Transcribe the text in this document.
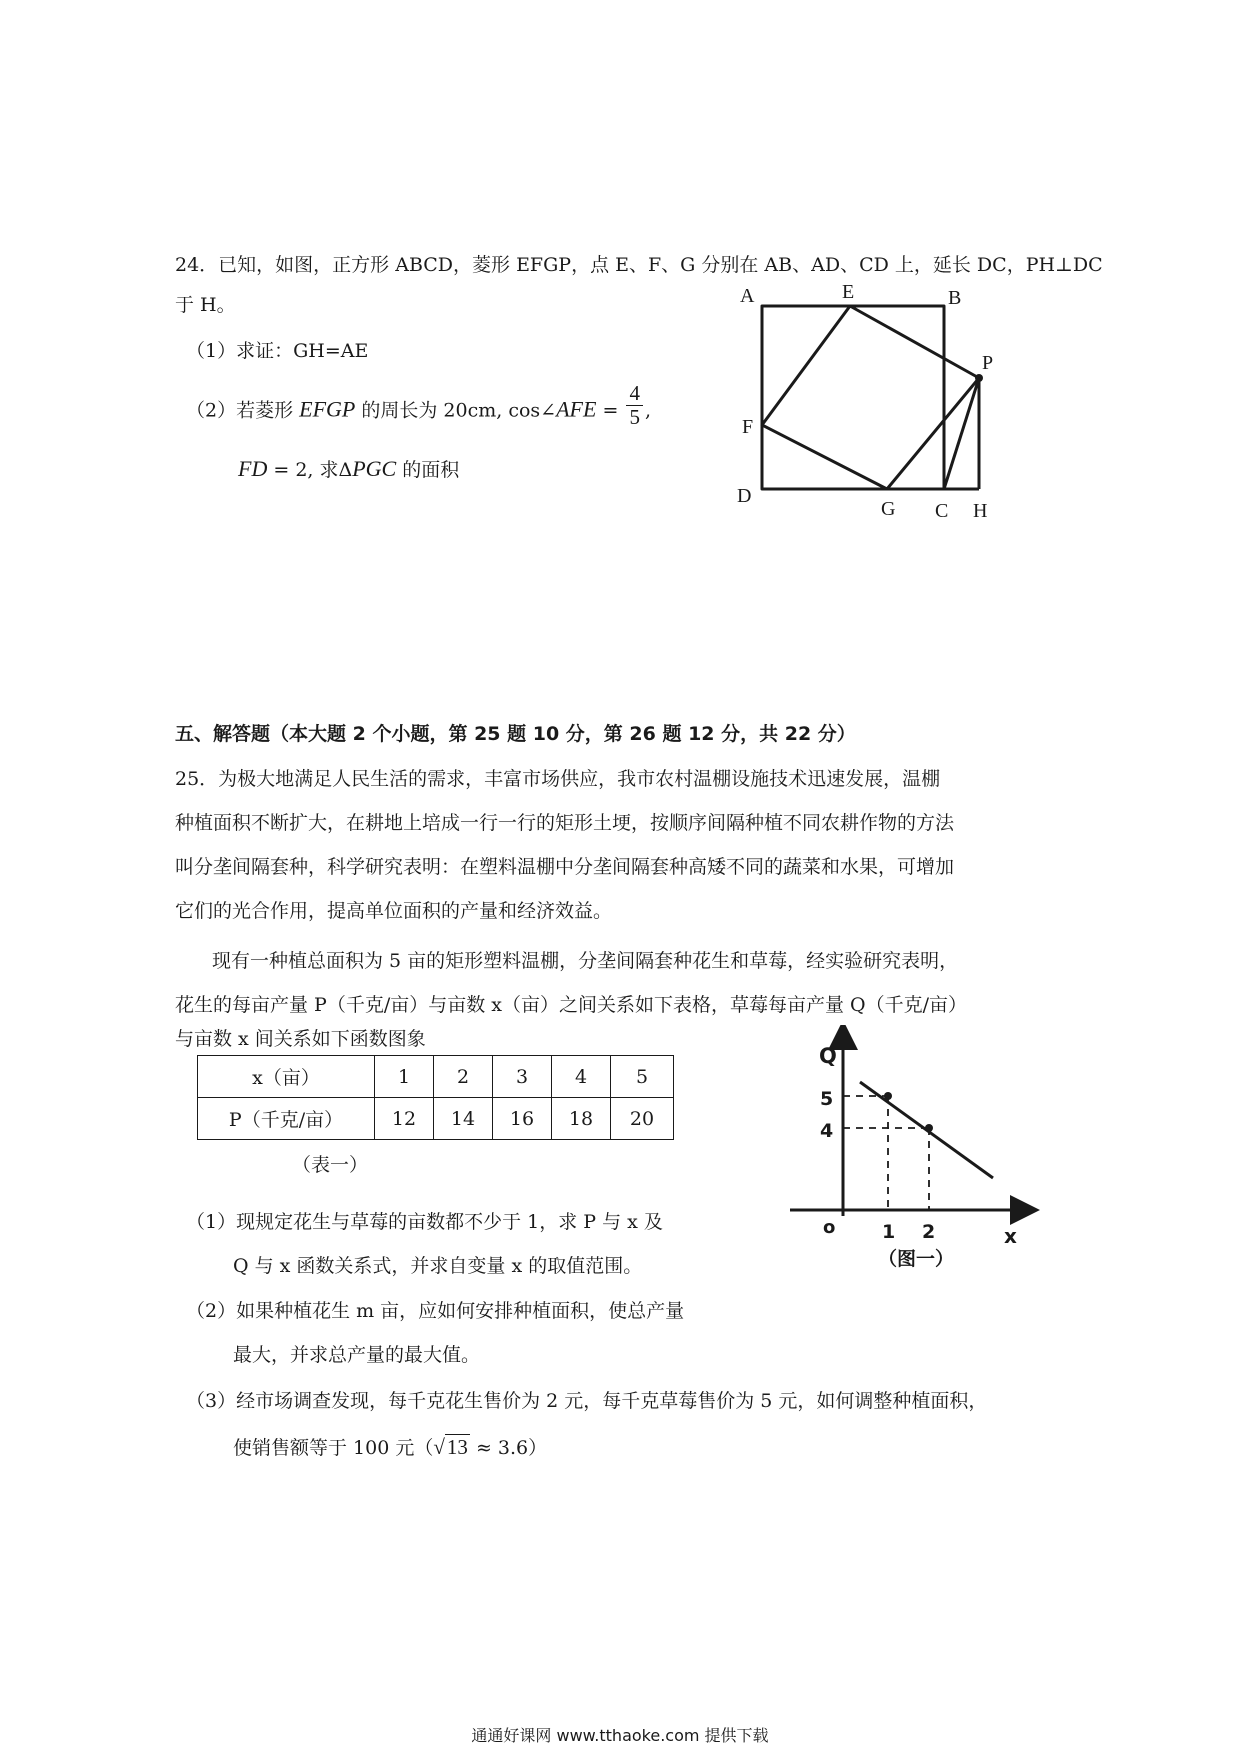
24．已知，如图，正方形 ABCD，菱形 EFGP，点 E、F、G 分别在 AB、AD、CD 上，延长 DC，PH⊥DC
于 H。
（1）求证：GH=AE
（2）若菱形 EFGP 的周长为 20cm, cos∠AFE = $\frac{4}{5}$ ,
FD = 2, 求ΔPGC 的面积
A	E	B
P
F
D
G C H
五、解答题（本大题 2 个小题，第 25 题 10 分，第 26 题 12 分，共 22 分）
25．为极大地满足人民生活的需求，丰富市场供应，我市农村温棚设施技术迅速发展，温棚
种植面积不断扩大，在耕地上培成一行一行的矩形土埂，按顺序间隔种植不同农耕作物的方法
叫分垄间隔套种，科学研究表明：在塑料温棚中分垄间隔套种高矮不同的蔬菜和水果，可增加
它们的光合作用，提高单位面积的产量和经济效益。
现有一种植总面积为 5 亩的矩形塑料温棚，分垄间隔套种花生和草莓，经实验研究表明，
花生的每亩产量 P（千克/亩）与亩数 x（亩）之间关系如下表格，草莓每亩产量 Q（千克/亩）
与亩数 x 间关系如下函数图象
x（亩）	1	2	3	4	5
P（千克/亩）	12	14	16	18	20
（表一）
Q
5
4
o 1 2	x
（图一）
（1）现规定花生与草莓的亩数都不少于 1，求 P 与 x 及
Q 与 x 函数关系式，并求自变量 x 的取值范围。
（2）如果种植花生 m 亩，应如何安排种植面积，使总产量
最大，并求总产量的最大值。
（3）经市场调查发现，每千克花生售价为 2 元，每千克草莓售价为 5 元，如何调整种植面积，
使销售额等于 100 元（√13 ≈ 3.6）
通通好课网 www.tthaoke.com 提供下载
